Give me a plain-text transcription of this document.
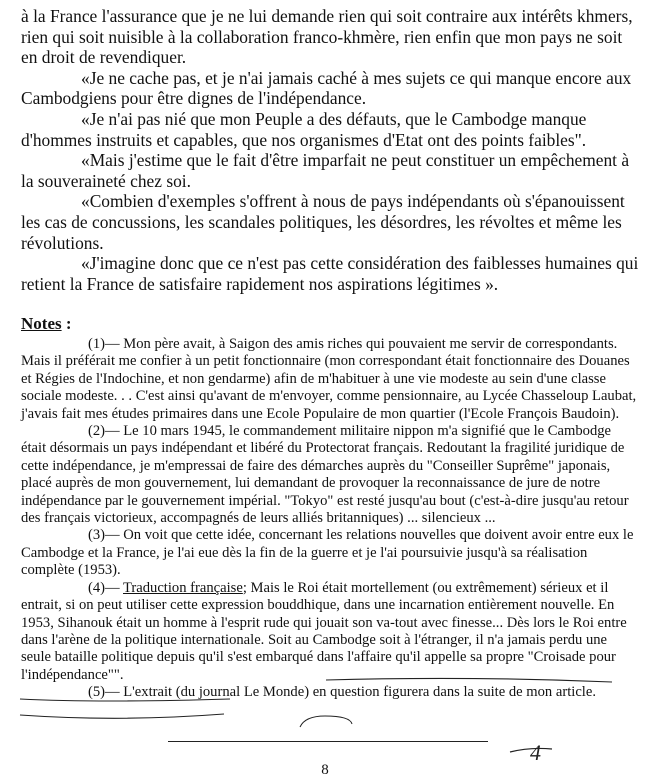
à la France l'assurance que je ne lui demande rien qui soit contraire aux intérêts khmers, rien qui soit nuisible à la collaboration franco-khmère, rien enfin que mon pays ne soit en droit de revendiquer.

«Je ne cache pas, et je n'ai jamais caché à mes sujets ce qui manque encore aux Cambodgiens pour être dignes de l'indépendance.

«Je n'ai pas nié que mon Peuple a des défauts, que le Cambodge manque d'hommes instruits et capables, que nos organismes d'Etat ont des points faibles".

«Mais j'estime que le fait d'être imparfait ne peut constituer un empêchement à la souveraineté chez soi.

«Combien d'exemples s'offrent à nous de pays indépendants où s'épanouissent les cas de concussions, les scandales politiques, les désordres, les révoltes et même les révolutions.

«J'imagine donc que ce n'est pas cette considération des faiblesses humaines qui retient la France de satisfaire rapidement nos aspirations légitimes ».

Notes :

(1)— Mon père avait, à Saigon des amis riches qui pouvaient me servir de correspondants. Mais il préférait me confier à un petit fonctionnaire (mon correspondant était fonctionnaire des Douanes et Régies de l'Indochine, et non gendarme) afin de m'habituer à une vie modeste au sein d'une classe sociale modeste. . . C'est ainsi qu'avant de m'envoyer, comme pensionnaire, au Lycée Chasseloup Laubat, j'avais fait mes études primaires dans une Ecole Populaire de mon quartier (l'Ecole François Baudoin).

(2)— Le 10 mars 1945, le commandement militaire nippon m'a signifié que le Cambodge était désormais un pays indépendant et libéré du Protectorat français. Redoutant la fragilité juridique de cette indépendance, je m'empressai de faire des démarches auprès du "Conseiller Suprême" japonais, placé auprès de mon gouvernement, lui demandant de provoquer la reconnaissance de jure de notre indépendance par le gouvernement impérial. "Tokyo" est resté jusqu'au bout (c'est-à-dire jusqu'au retour des français victorieux, accompagnés de leurs alliés britanniques) ... silencieux ...

(3)— On voit que cette idée, concernant les relations nouvelles que doivent avoir entre eux le Cambodge et la France, je l'ai eue dès la fin de la guerre et je l'ai poursuivie jusqu'à sa réalisation complète (1953).

(4)— Traduction française; Mais le Roi était mortellement (ou extrêmement) sérieux et il entrait, si on peut utiliser cette expression bouddhique, dans une incarnation entièrement nouvelle. En 1953, Sihanouk était un homme à l'esprit rude qui jouait son va-tout avec finesse... Dès lors le Roi entre dans l'arène de la politique internationale. Soit au Cambodge soit à l'étranger, il n'a jamais perdu une seule bataille politique depuis qu'il s'est embarqué dans l'affaire qu'il appelle sa propre "Croisade pour l'indépendance"".

(5)— L'extrait (du journal Le Monde) en question figurera dans la suite de mon article.

4

8
